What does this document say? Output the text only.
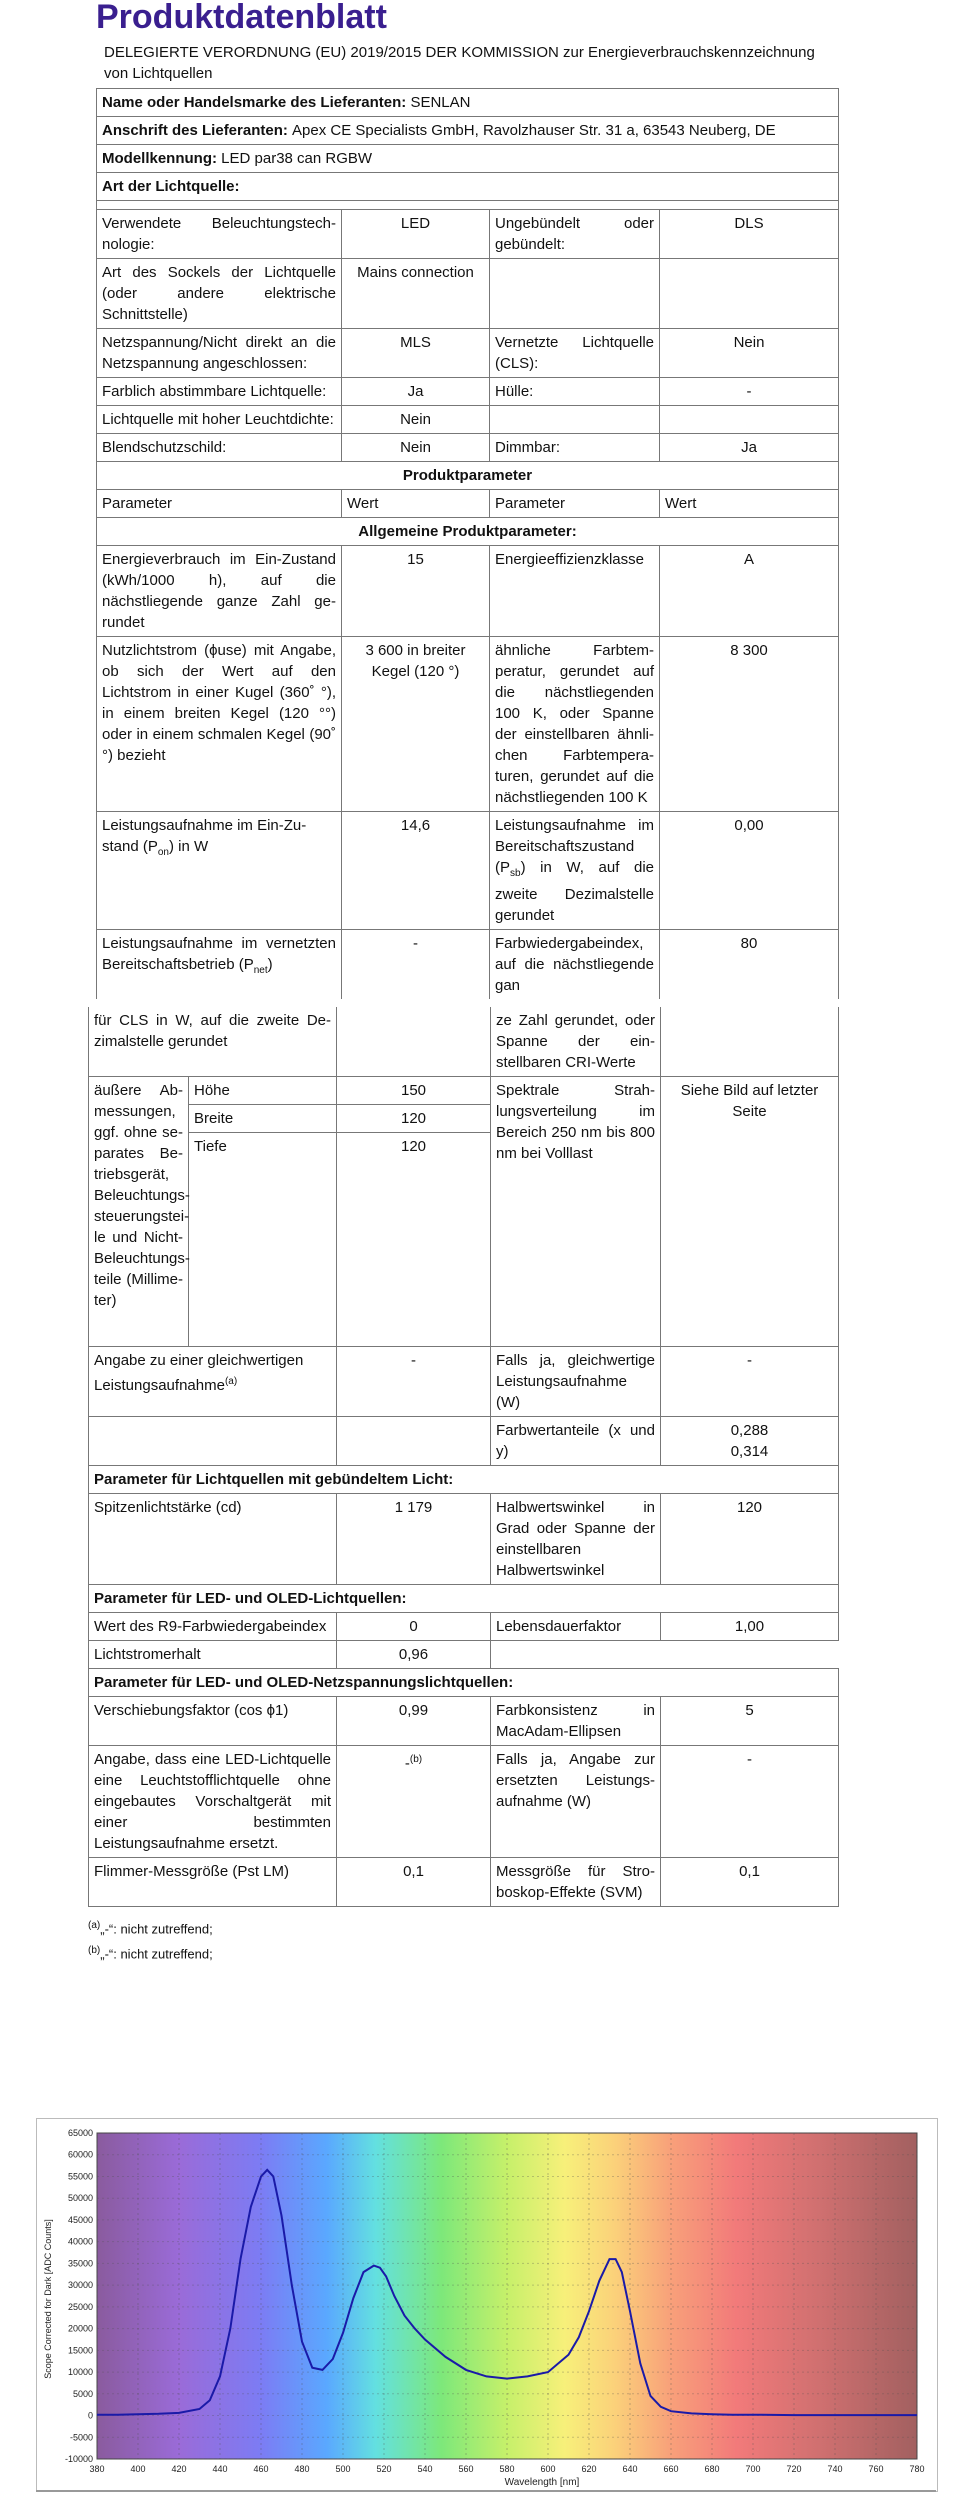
Produktdatenblatt
DELEGIERTE VERORDNUNG (EU) 2019/2015 DER KOMMISSION zur Energieverbrauchskennzeichnung von Lichtquellen
Name oder Handelsmarke des Lieferanten: SENLAN
Anschrift des Lieferanten: Apex CE Specialists GmbH, Ravolzhauser Str. 31 a, 63543 Neuberg, DE
Modellkennung: LED par38 can RGBW
Art der Lichtquelle:

Verwendete Beleuchtungstechnologie:	LED	Ungebündelt oder gebündelt:	DLS
Art des Sockels der Lichtquelle (oder andere elektrische Schnittstelle)	Mains connection		
Netzspannung/Nicht direkt an die Netzspannung angeschlossen:	MLS	Vernetzte Lichtquelle (CLS):	Nein
Farblich abstimmbare Lichtquelle:	Ja	Hülle:	-
Lichtquelle mit hoher Leuchtdichte:	Nein		
Blendschutzschild:	Nein	Dimmbar:	Ja
Produktparameter			
Parameter	Wert	Parameter	Wert
Allgemeine Produktparameter:			
Energieverbrauch im Ein-Zustand (kWh/1000 h), auf die nächstliegende ganze Zahl gerundet	15	Energieeffizienzklasse	A
Nutzlichtstrom (ϕuse) mit Angabe, ob sich der Wert auf den Lichtstrom in einer Kugel (360˚ °), in einem breiten Kegel (120 °°) oder in einem schmalen Kegel (90˚ °) bezieht	3 600 in breiter Kegel (120 °)	ähnliche Farbtemperatur, gerundet auf die nächstliegenden 100 K, oder Spanne der einstellbaren ähnlichen Farbtemperaturen, gerundet auf die nächstliegenden 100 K	8 300
Leistungsaufnahme im Ein-Zustand $(P_{on})$ in W	14,6	Leistungsaufnahme im Bereitschaftszustand $(P_{sb})$ in W, auf die zweite Dezimalstelle gerundet	0,00
Leistungsaufnahme im vernetzten Bereitschaftsbetrieb $(P_{net})$	-	Farbwiedergabeindex, auf die nächstliegende gan	80
für CLS in W, auf die zweite Dezimalstelle gerundet			ze Zahl gerundet, oder Spanne der einstellbaren CRI-Werte	
äußere Abmessungen, ggf. ohne separates Betriebsgerät, Beleuchtungssteuerungsteile und Nicht-Beleuchtungsteile (Millimeter)	Höhe	150	Spektrale Strahlungsverteilung im Bereich 250 nm bis 800 nm bei Volllast	Siehe Bild auf letzter Seite
	Breite	120		
	Tiefe	120		
Angabe zu einer gleichwertigen Leistungsaufnahme$^{(a)}$		-	Falls ja, gleichwertige Leistungsaufnahme (W)	-
			Farbwertanteile (x und y)	0,288
0,314

Parameter für Lichtquellen mit gebündeltem Licht:				
Spitzenlichtstärke (cd)		1 179	Halbwertswinkel in Grad oder Spanne der einstellbaren Halbwertswinkel	120
Parameter für LED- und OLED-Lichtquellen:				
Wert des R9-Farbwiedergabeindex		0	Lebensdauerfaktor	1,00
Lichtstromerhalt		0,96		
Parameter für LED- und OLED-Netzspannungslichtquellen:				
Verschiebungsfaktor (cos ϕ1)		0,99	Farbkonsistenz in MacAdam-Ellipsen	5
Angabe, dass eine LED-Lichtquelle eine Leuchtstofflichtquelle ohne eingebautes Vorschaltgerät mit einer bestimmten Leistungsaufnahme ersetzt.		-$^{(b)}$	Falls ja, Angabe zur ersetzten Leistungsaufnahme (W)	-
Flimmer-Messgröße (Pst LM)		0,1	Messgröße für Stroboskop-Effekte (SVM)	0,1
$^{(a)}$„-“: nicht zutreffend;
$^{(b)}$„-“: nicht zutreffend;
Scope Corrected for Dark [ADC Counts]
Wavelength [nm]
380	400	420	440	460	480	500	520	540	560	580	600	620	640	660	680	700	720	740	760	780
65000
60000
55000
50000
45000
40000
35000
30000
25000
20000
15000
10000
5000
0
-5000
-10000
